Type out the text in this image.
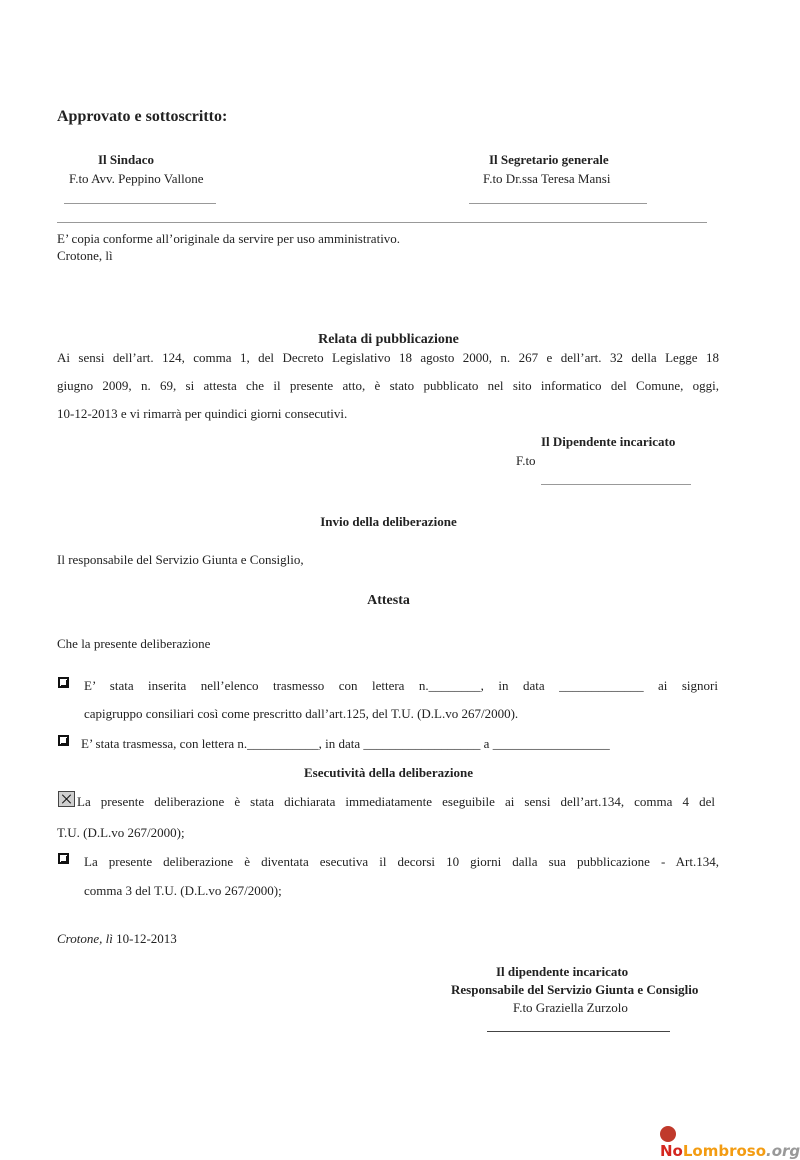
Approvato e sottoscritto:
Il Sindaco
F.to Avv. Peppino Vallone
Il Segretario generale
F.to Dr.ssa Teresa Mansi
E’ copia conforme all’originale da servire per uso amministrativo.
Crotone, lì
Relata di pubblicazione
Ai sensi dell’art. 124, comma 1, del Decreto Legislativo 18 agosto 2000, n. 267 e dell’art. 32 della Legge 18
giugno 2009, n. 69, si attesta che il presente atto, è stato pubblicato nel sito informatico del Comune, oggi,
10-12-2013 e vi rimarrà per quindici giorni consecutivi.
Il Dipendente incaricato
F.to
Invio della deliberazione
Il responsabile del Servizio Giunta e Consiglio,
Attesta
Che la presente deliberazione
E’ stata inserita nell’elenco trasmesso con lettera n.________, in data _____________ ai signori
capigruppo consiliari così come prescritto dall’art.125, del T.U. (D.L.vo 267/2000).
E’ stata trasmessa, con lettera n.___________, in data __________________ a __________________
Esecutività della deliberazione
La presente deliberazione è stata dichiarata immediatamente eseguibile ai sensi dell’art.134, comma 4 del
T.U. (D.L.vo 267/2000);
La presente deliberazione è diventata esecutiva il decorsi 10 giorni dalla sua pubblicazione - Art.134,
comma 3 del T.U. (D.L.vo 267/2000);
Crotone, lì 10-12-2013
Il dipendente incaricato
Responsabile del Servizio Giunta e Consiglio
F.to Graziella Zurzolo
NoLombroso.org
